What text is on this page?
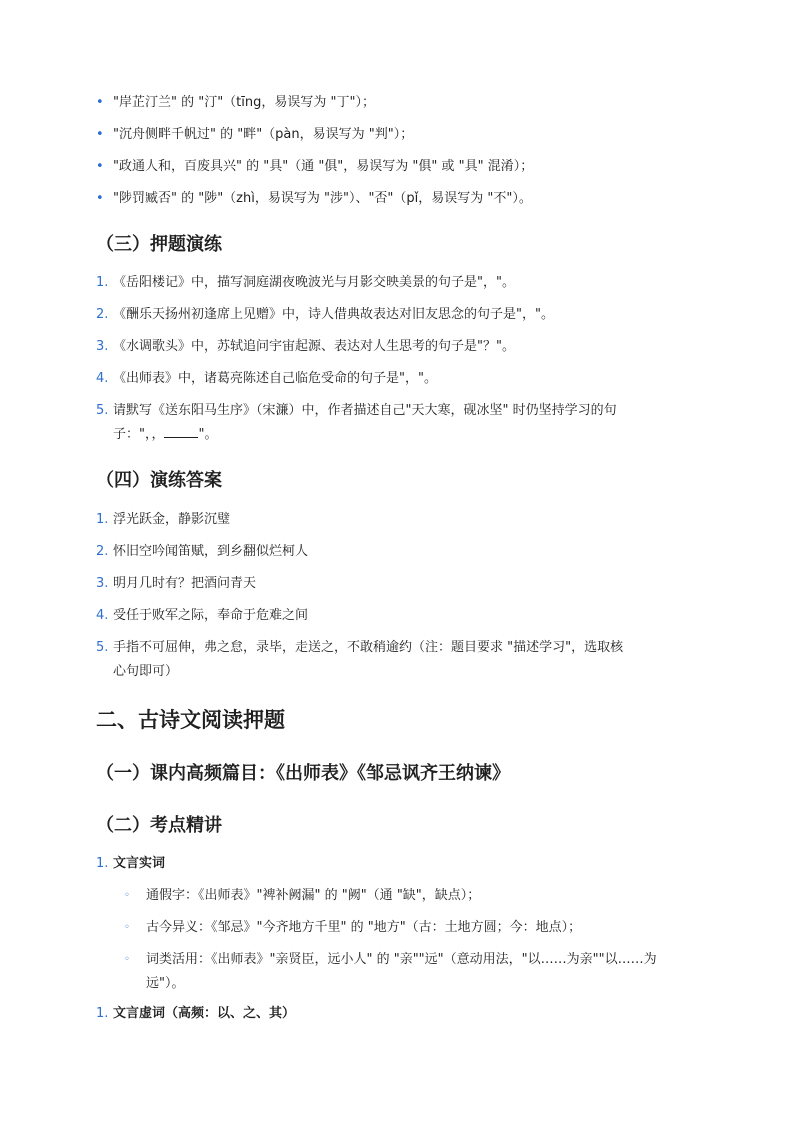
• "岸芷汀兰" 的 "汀"（tīng，易误写为 "丁"）；
• "沉舟侧畔千帆过" 的 "畔"（pàn，易误写为 "判"）；
• "政通人和，百废具兴" 的 "具"（通 "俱"，易误写为 "俱" 或 "具" 混淆）；
• "陟罚臧否" 的 "陟"（zhì，易误写为 "涉"）、"否"（pǐ，易误写为 "不"）。
（三）押题演练
1. 《岳阳楼记》中，描写洞庭湖夜晚波光与月影交映美景的句子是"，"。
2. 《酬乐天扬州初逢席上见赠》中，诗人借典故表达对旧友思念的句子是"，"。
3. 《水调歌头》中，苏轼追问宇宙起源、表达对人生思考的句子是"？"。
4. 《出师表》中，诸葛亮陈述自己临危受命的句子是"，"。
5. 请默写《送东阳马生序》（宋濂）中，作者描述自己"天大寒，砚冰坚" 时仍坚持学习的句
子："，，	"。
（四）演练答案
1. 浮光跃金，静影沉璧
2. 怀旧空吟闻笛赋，到乡翻似烂柯人
3. 明月几时有？把酒问青天
4. 受任于败军之际，奉命于危难之间
5. 手指不可屈伸，弗之怠，录毕，走送之，不敢稍逾约（注：题目要求 "描述学习"，选取核
心句即可）
二、古诗文阅读押题
（一）课内高频篇目：《出师表》《邹忌讽齐王纳谏》
（二）考点精讲
1. 文言实词
◦ 通假字：《出师表》"裨补阙漏" 的 "阙"（通 "缺"，缺点）；
◦ 古今异义：《邹忌》"今齐地方千里" 的 "地方"（古：土地方圆；今：地点）；
◦ 词类活用：《出师表》"亲贤臣，远小人" 的 "亲""远"（意动用法，"以……为亲""以……为远"）。
1. 文言虚词（高频：以、之、其）
